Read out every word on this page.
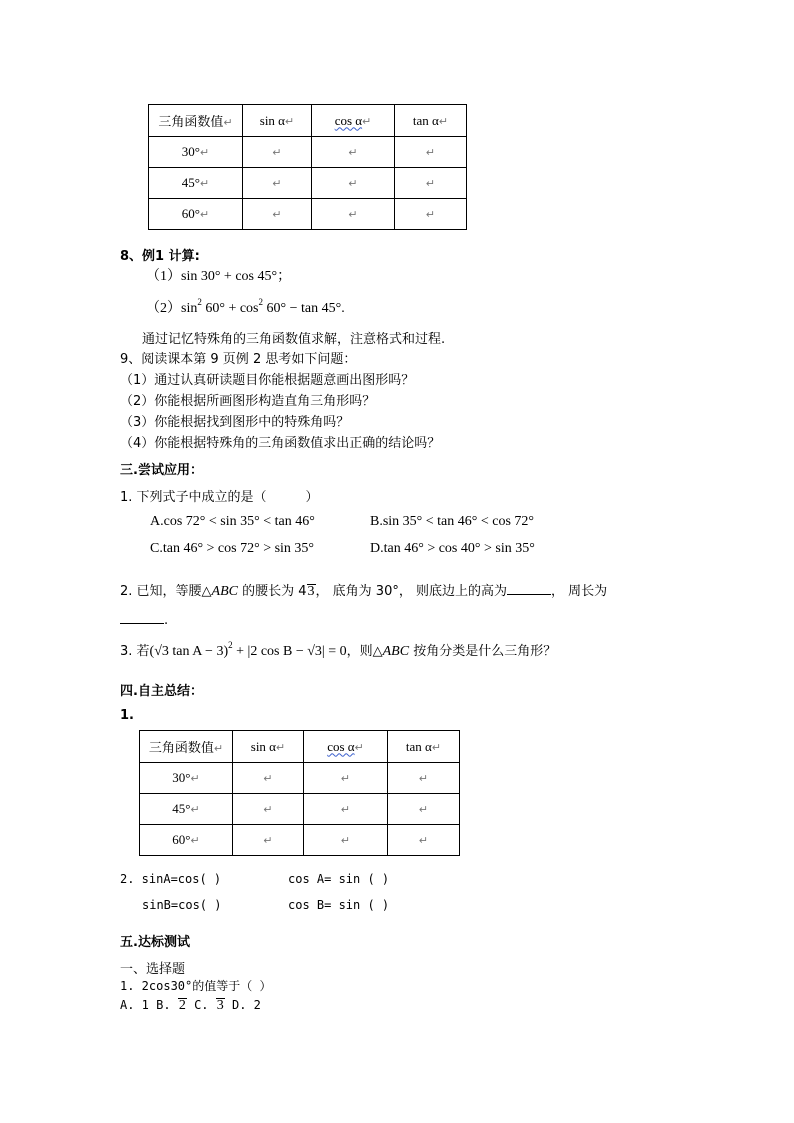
三角函数值↵	sin α↵	cos α↵	tan α↵
30°↵	↵	↵	↵
45°↵	↵	↵	↵
60°↵	↵	↵	↵
8、例1 计算:
（1）sin 30° + cos 45°；
$(2)\sin^2$ $60^\circ + \cos^2 60^\circ - \tan 45^\circ$.
通过记忆特殊角的三角函数值求解，注意格式和过程.
9、阅读课本第 9 页例 2 思考如下问题：
（1）通过认真研读题目你能根据题意画出图形吗？
（2）你能根据所画图形构造直角三角形吗？
（3）你能根据找到图形中的特殊角吗？
（4）你能根据特殊角的三角函数值求出正确的结论吗？
三.尝试应用：
1. 下列式子中成立的是（　　　）
A.cos 72° < sin 35° < tan 46°	B.sin 35° < tan 46° < cos 72°
C.tan 46° > cos 72° > sin 35°	D.tan 46° > cos 40° > sin 35°
2. 已知，等腰△ABC 的腰长为 43， 底角为 30°， 则底边上的高为	， 周长为
.
3. 若(√3 tan A − 3)$^2$ + |2 cos B − √3| = 0，则△ABC 按角分类是什么三角形？
四.自主总结：
1.
三角函数值↵	sin α↵	cos α↵	tan α↵
30°↵	↵	↵	↵
45°↵	↵	↵	↵
60°↵	↵	↵	↵
2. sinA=cos( )	cos A= sin ( )
sinB=cos( )	cos B= sin ( )
五.达标测试
一、选择题
1. 2cos30°的值等于（ ）
A. 1 B. 2 C. 3 D. 2
